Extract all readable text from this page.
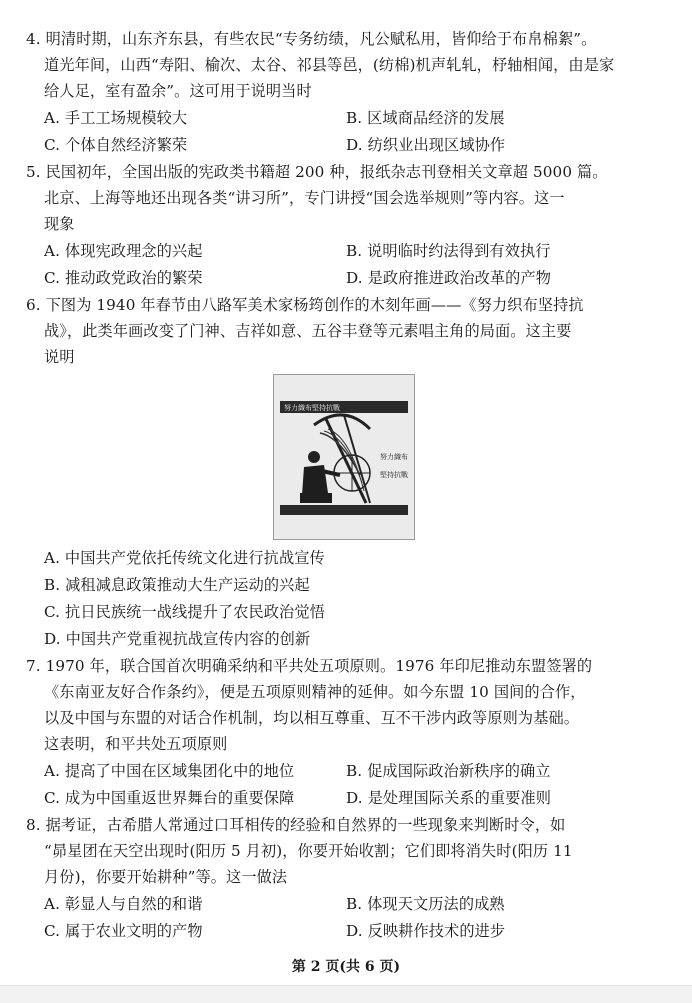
4. 明清时期，山东齐东县，有些农民“专务纺绩，凡公赋私用，皆仰给于布帛棉絮”。
道光年间，山西“寿阳、榆次、太谷、祁县等邑，(纺棉)机声轧轧，杼轴相闻，由是家
给人足，室有盈余”。这可用于说明当时
A. 手工工场规模较大	B. 区域商品经济的发展
C. 个体自然经济繁荣	D. 纺织业出现区域协作
5. 民国初年，全国出版的宪政类书籍超 200 种，报纸杂志刊登相关文章超 5000 篇。
北京、上海等地还出现各类“讲习所”，专门讲授“国会选举规则”等内容。这一
现象
A. 体现宪政理念的兴起	B. 说明临时约法得到有效执行
C. 推动政党政治的繁荣	D. 是政府推进政治改革的产物
6. 下图为 1940 年春节由八路军美术家杨筠创作的木刻年画——《努力织布坚持抗
战》，此类年画改变了门神、吉祥如意、五谷丰登等元素唱主角的局面。这主要
说明
努力織布堅持抗戰
努力織布
堅持抗戰
A. 中国共产党依托传统文化进行抗战宣传
B. 减租减息政策推动大生产运动的兴起
C. 抗日民族统一战线提升了农民政治觉悟
D. 中国共产党重视抗战宣传内容的创新
7. 1970 年，联合国首次明确采纳和平共处五项原则。1976 年印尼推动东盟签署的
《东南亚友好合作条约》，便是五项原则精神的延伸。如今东盟 10 国间的合作，
以及中国与东盟的对话合作机制，均以相互尊重、互不干涉内政等原则为基础。
这表明，和平共处五项原则
A. 提高了中国在区域集团化中的地位	B. 促成国际政治新秩序的确立
C. 成为中国重返世界舞台的重要保障	D. 是处理国际关系的重要准则
8. 据考证，古希腊人常通过口耳相传的经验和自然界的一些现象来判断时令，如
“昴星团在天空出现时(阳历 5 月初)，你要开始收割；它们即将消失时(阳历 11
月份)，你要开始耕种”等。这一做法
A. 彰显人与自然的和谐	B. 体现天文历法的成熟
C. 属于农业文明的产物	D. 反映耕作技术的进步
第 2 页(共 6 页)
